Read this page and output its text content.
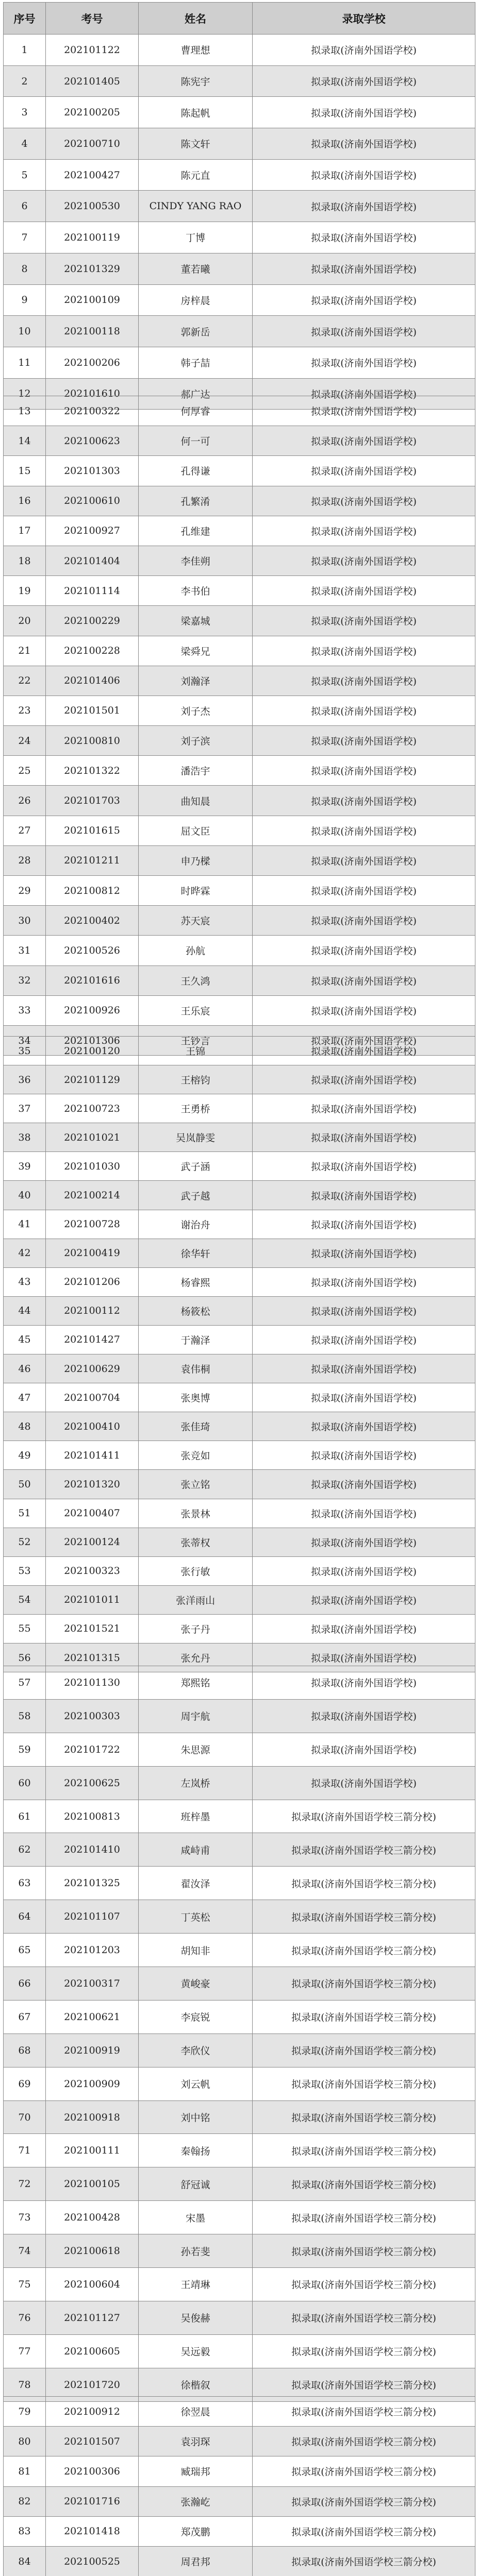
序号	考号	姓名	录取学校
1	202101122	曹理想	拟录取(济南外国语学校)
2	202101405	陈宪宇	拟录取(济南外国语学校)
3	202100205	陈起帆	拟录取(济南外国语学校)
4	202100710	陈文轩	拟录取(济南外国语学校)
5	202100427	陈元直	拟录取(济南外国语学校)
6	202100530	CINDY YANG RAO	拟录取(济南外国语学校)
7	202100119	丁博	拟录取(济南外国语学校)
8	202101329	董若曦	拟录取(济南外国语学校)
9	202100109	房梓晨	拟录取(济南外国语学校)
10	202100118	郭新岳	拟录取(济南外国语学校)
11	202100206	韩子喆	拟录取(济南外国语学校)
12	202101610	郝广达	拟录取(济南外国语学校)
13	202100322	何厚睿	拟录取(济南外国语学校)
14	202100623	何一可	拟录取(济南外国语学校)
15	202101303	孔得谦	拟录取(济南外国语学校)
16	202100610	孔繁淆	拟录取(济南外国语学校)
17	202100927	孔维建	拟录取(济南外国语学校)
18	202101404	李佳朔	拟录取(济南外国语学校)
19	202101114	李书伯	拟录取(济南外国语学校)
20	202100229	梁嘉城	拟录取(济南外国语学校)
21	202100228	梁舜兄	拟录取(济南外国语学校)
22	202101406	刘瀚泽	拟录取(济南外国语学校)
23	202101501	刘子杰	拟录取(济南外国语学校)
24	202100810	刘子滨	拟录取(济南外国语学校)
25	202101322	潘浩宇	拟录取(济南外国语学校)
26	202101703	曲知晨	拟录取(济南外国语学校)
27	202101615	屈文臣	拟录取(济南外国语学校)
28	202101211	申乃樑	拟录取(济南外国语学校)
29	202100812	时晔霖	拟录取(济南外国语学校)
30	202100402	苏天宸	拟录取(济南外国语学校)
31	202100526	孙航	拟录取(济南外国语学校)
32	202101616	王久鸿	拟录取(济南外国语学校)
33	202100926	王乐宸	拟录取(济南外国语学校)
34	202101306	王钞言	拟录取(济南外国语学校)
35	202100120	王锦	拟录取(济南外国语学校)
36	202101129	王榕钧	拟录取(济南外国语学校)
37	202100723	王勇桥	拟录取(济南外国语学校)
38	202101021	吴岚静雯	拟录取(济南外国语学校)
39	202101030	武子涵	拟录取(济南外国语学校)
40	202100214	武子越	拟录取(济南外国语学校)
41	202100728	谢治舟	拟录取(济南外国语学校)
42	202100419	徐华轩	拟录取(济南外国语学校)
43	202101206	杨睿熙	拟录取(济南外国语学校)
44	202100112	杨筱松	拟录取(济南外国语学校)
45	202101427	于瀚泽	拟录取(济南外国语学校)
46	202100629	袁伟桐	拟录取(济南外国语学校)
47	202100704	张奥博	拟录取(济南外国语学校)
48	202100410	张佳琦	拟录取(济南外国语学校)
49	202101411	张竞如	拟录取(济南外国语学校)
50	202101320	张立铭	拟录取(济南外国语学校)
51	202100407	张景林	拟录取(济南外国语学校)
52	202100124	张蒂权	拟录取(济南外国语学校)
53	202100323	张行敏	拟录取(济南外国语学校)
54	202101011	张洋雨山	拟录取(济南外国语学校)
55	202101521	张子丹	拟录取(济南外国语学校)
56	202101315	张允丹	拟录取(济南外国语学校)
57	202101130	郑熙铭	拟录取(济南外国语学校)
58	202100303	周宇航	拟录取(济南外国语学校)
59	202101722	朱思源	拟录取(济南外国语学校)
60	202100625	左岚桥	拟录取(济南外国语学校)
61	202100813	班梓墨	拟录取(济南外国语学校三箭分校)
62	202101410	咸峙甫	拟录取(济南外国语学校三箭分校)
63	202101325	翟汝泽	拟录取(济南外国语学校三箭分校)
64	202101107	丁英松	拟录取(济南外国语学校三箭分校)
65	202101203	胡知非	拟录取(济南外国语学校三箭分校)
66	202100317	黄峻豪	拟录取(济南外国语学校三箭分校)
67	202100621	李宸锐	拟录取(济南外国语学校三箭分校)
68	202100919	李欣仪	拟录取(济南外国语学校三箭分校)
69	202100909	刘云帆	拟录取(济南外国语学校三箭分校)
70	202100918	刘中铭	拟录取(济南外国语学校三箭分校)
71	202100111	秦翰扬	拟录取(济南外国语学校三箭分校)
72	202100105	舒冠诚	拟录取(济南外国语学校三箭分校)
73	202100428	宋墨	拟录取(济南外国语学校三箭分校)
74	202100618	孙若斐	拟录取(济南外国语学校三箭分校)
75	202100604	王靖琳	拟录取(济南外国语学校三箭分校)
76	202101127	吴俊赫	拟录取(济南外国语学校三箭分校)
77	202100605	吴远毅	拟录取(济南外国语学校三箭分校)
78	202101720	徐楷叙	拟录取(济南外国语学校三箭分校)
79	202100912	徐翌晨	拟录取(济南外国语学校三箭分校)
80	202101507	袁羽琛	拟录取(济南外国语学校三箭分校)
81	202100306	臧瑞邦	拟录取(济南外国语学校三箭分校)
82	202101716	张瀚屹	拟录取(济南外国语学校三箭分校)
83	202101418	郑茂鹏	拟录取(济南外国语学校三箭分校)
84	202100525	周君邦	拟录取(济南外国语学校三箭分校)
